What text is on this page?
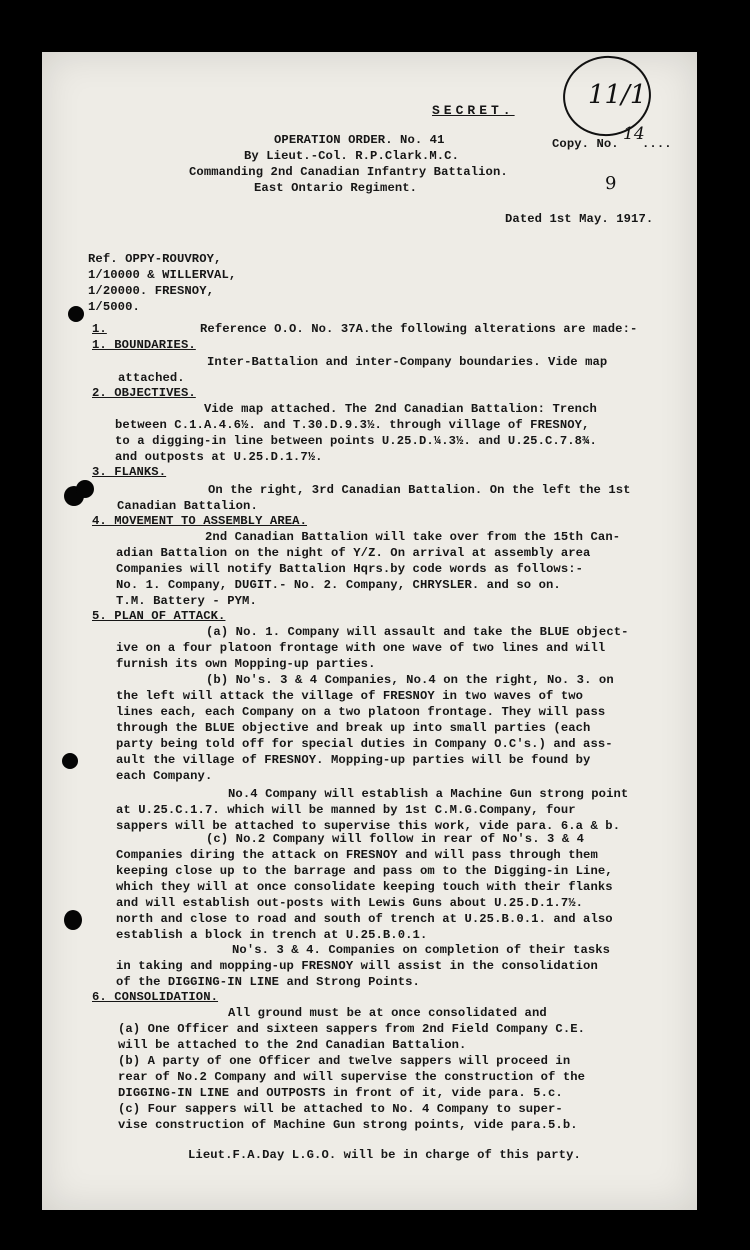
11/1
SECRET.
OPERATION ORDER. No. 41	Copy. No. 14
....
By Lieut.-Col. R.P.Clark.M.C.
Commanding 2nd Canadian Infantry Battalion.
East Ontario Regiment.	9
Dated 1st May. 1917.
Ref. OPPY-ROUVROY,
1/10000 & WILLERVAL,
1/20000. FRESNOY,
1/5000.
1.	Reference O.O. No. 37A.the following alterations are made:-
1. BOUNDARIES.
Inter-Battalion and inter-Company boundaries. Vide map
attached.
2. OBJECTIVES.
Vide map attached. The 2nd Canadian Battalion: Trench
between C.1.A.4.6½. and T.30.D.9.3½. through village of FRESNOY,
to a digging-in line between points U.25.D.¼.3½. and U.25.C.7.8¾.
and outposts at U.25.D.1.7½.
3. FLANKS.
On the right, 3rd Canadian Battalion. On the left the 1st
Canadian Battalion.
4. MOVEMENT TO ASSEMBLY AREA.
2nd Canadian Battalion will take over from the 15th Can-
adian Battalion on the night of Y/Z. On arrival at assembly area
Companies will notify Battalion Hqrs.by code words as follows:-
No. 1. Company, DUGIT.- No. 2. Company, CHRYSLER. and so on.
T.M. Battery - PYM.
5. PLAN OF ATTACK.
(a) No. 1. Company will assault and take the BLUE object-
ive on a four platoon frontage with one wave of two lines and will
furnish its own Mopping-up parties.
(b) No's. 3 & 4 Companies, No.4 on the right, No. 3. on
the left will attack the village of FRESNOY in two waves of two
lines each, each Company on a two platoon frontage. They will pass
through the BLUE objective and break up into small parties (each
party being told off for special duties in Company O.C's.) and ass-
ault the village of FRESNOY. Mopping-up parties will be found by
each Company.
No.4 Company will establish a Machine Gun strong point
at U.25.C.1.7. which will be manned by 1st C.M.G.Company, four
sappers will be attached to supervise this work, vide para. 6.a & b.
(c) No.2 Company will follow in rear of No's. 3 & 4
Companies diring the attack on FRESNOY and will pass through them
keeping close up to the barrage and pass om to the Digging-in Line,
which they will at once consolidate keeping touch with their flanks
and will establish out-posts with Lewis Guns about U.25.D.1.7½.
north and close to road and south of trench at U.25.B.0.1. and also
establish a block in trench at U.25.B.0.1.
No's. 3 & 4. Companies on completion of their tasks
in taking and mopping-up FRESNOY will assist in the consolidation
of the DIGGING-IN LINE and Strong Points.
6. CONSOLIDATION.
All ground must be at once consolidated and
(a) One Officer and sixteen sappers from 2nd Field Company C.E.
will be attached to the 2nd Canadian Battalion.
(b) A party of one Officer and twelve sappers will proceed in
rear of No.2 Company and will supervise the construction of the
DIGGING-IN LINE and OUTPOSTS in front of it, vide para. 5.c.
(c) Four sappers will be attached to No. 4 Company to super-
vise construction of Machine Gun strong points, vide para.5.b.
Lieut.F.A.Day L.G.O. will be in charge of this party.
